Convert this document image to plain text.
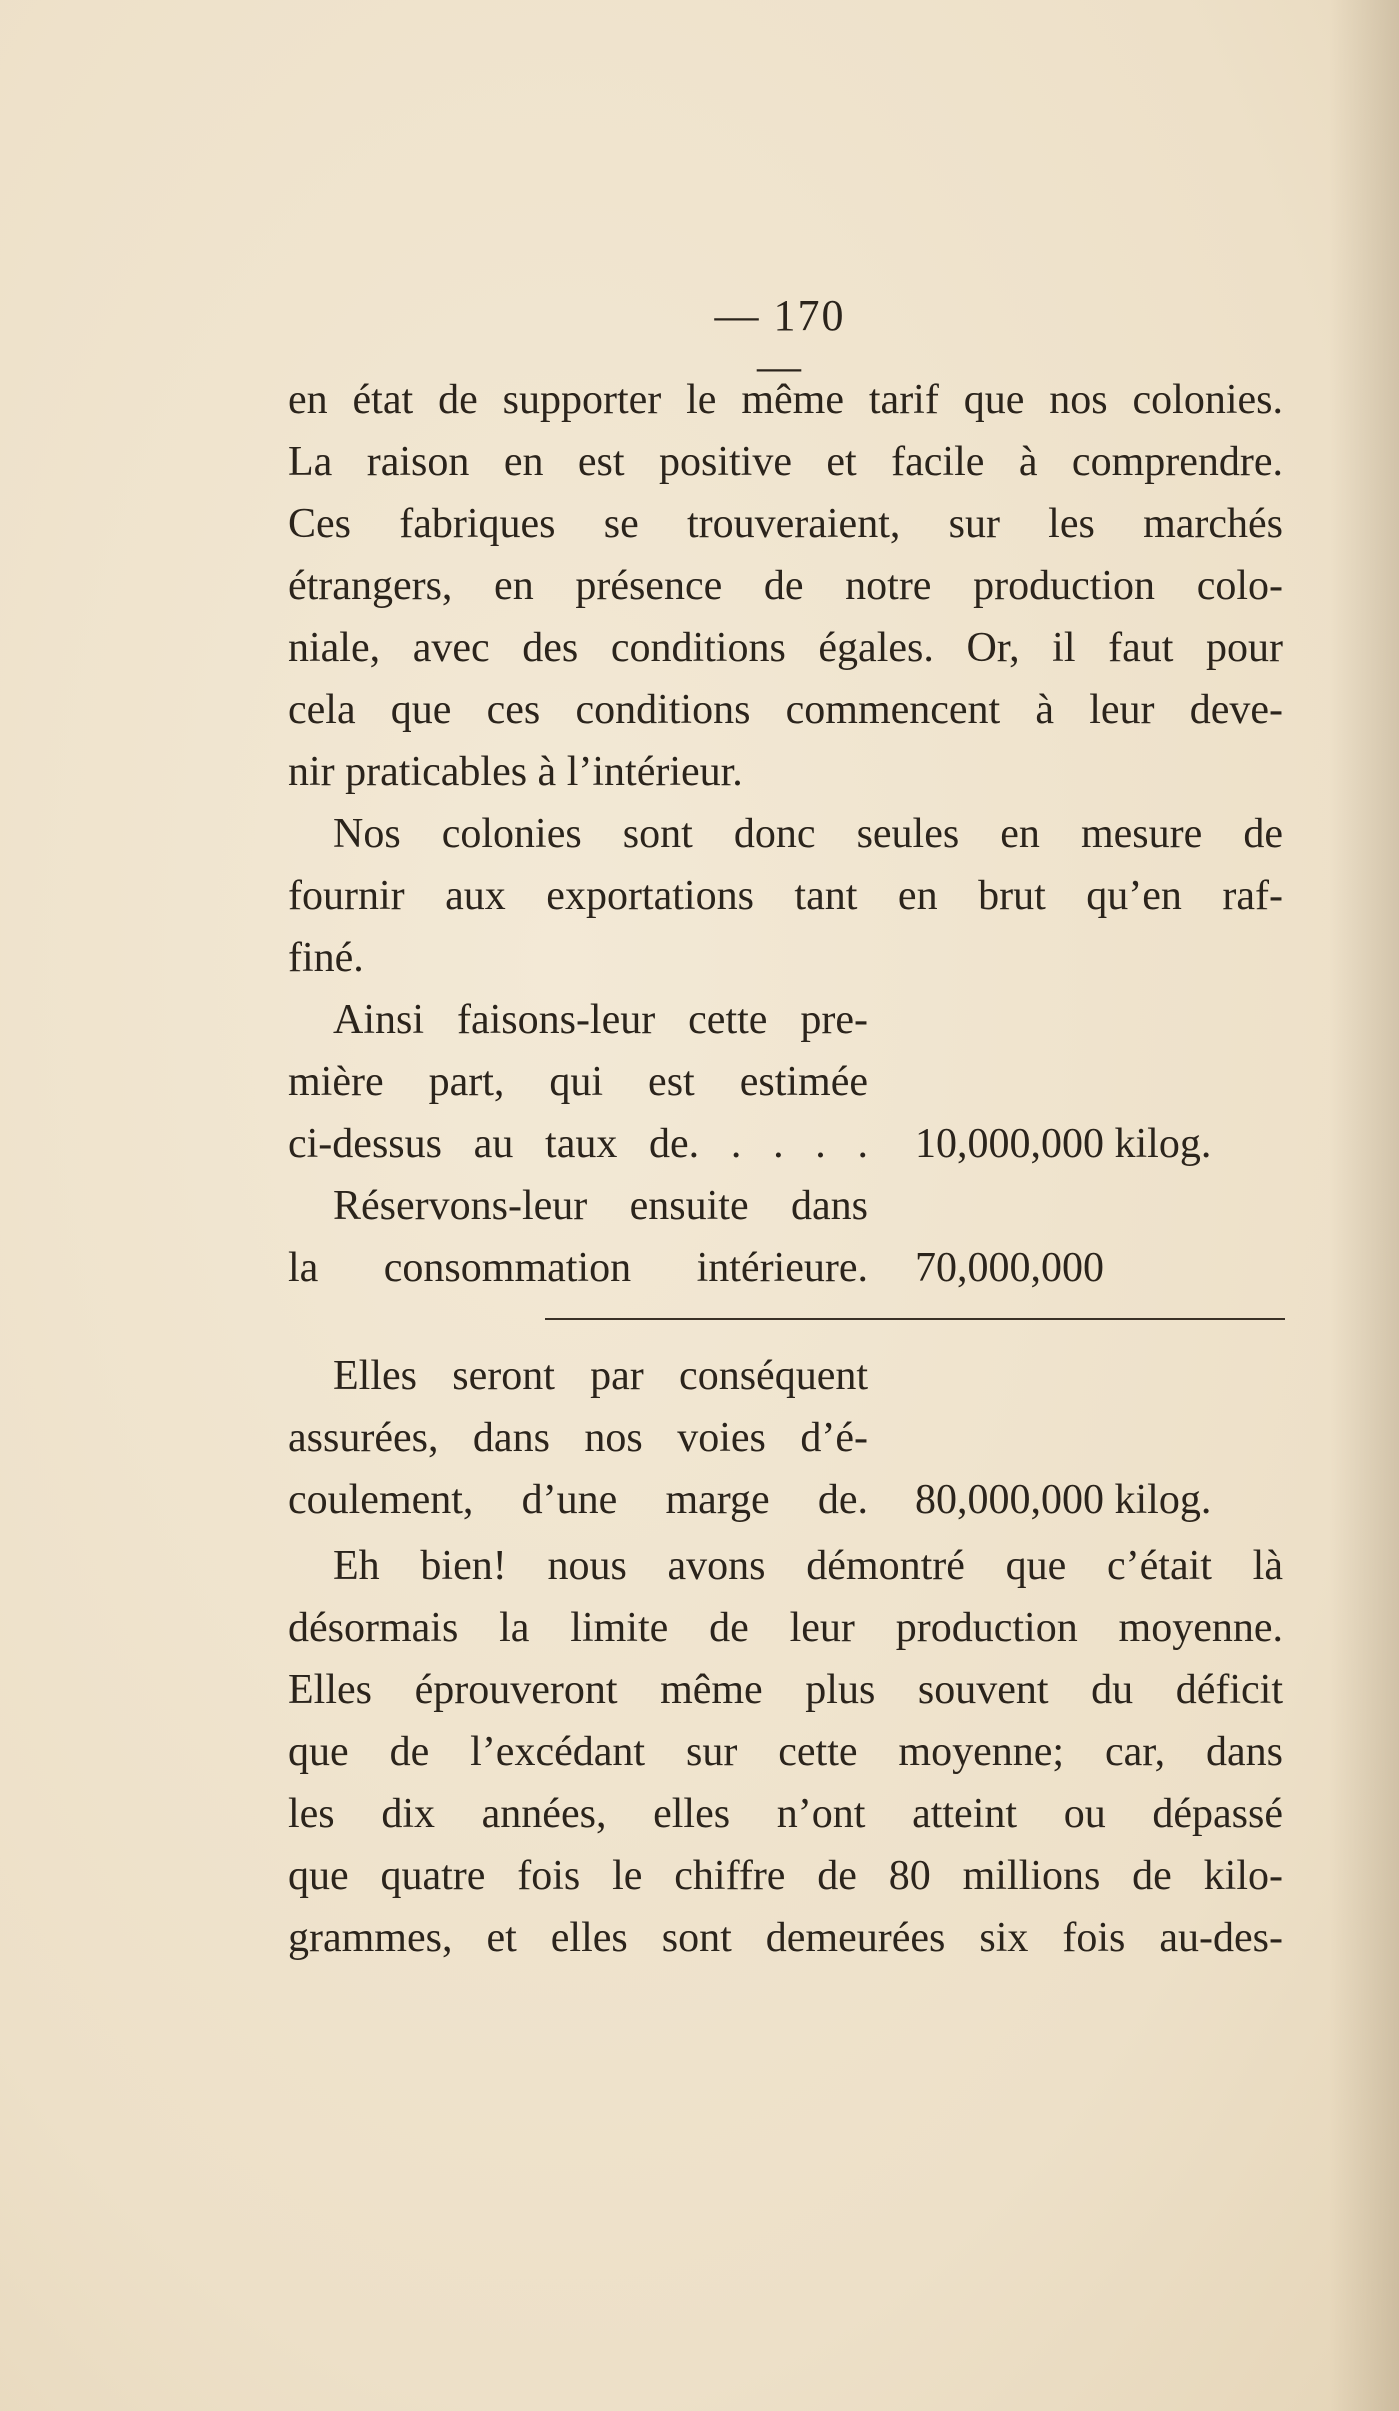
— 170 —
en état de supporter le même tarif que nos colonies.
La raison en est positive et facile à comprendre.
Ces fabriques se trouveraient, sur les marchés
étrangers, en présence de notre production colo-
niale, avec des conditions égales. Or, il faut pour
cela que ces conditions commencent à leur deve-
nir praticables à l’intérieur.
Nos colonies sont donc seules en mesure de
fournir aux exportations tant en brut qu’en raf-
finé.
Ainsi faisons-leur cette pre-
mière part, qui est estimée
ci-dessus au taux de. . . . . 10,000,000 kilog.
Réservons-leur ensuite dans
la consommation intérieure. 70,000,000
Elles seront par conséquent
assurées, dans nos voies d’é-
coulement, d’une marge de. 80,000,000 kilog.
Eh bien! nous avons démontré que c’était là
désormais la limite de leur production moyenne.
Elles éprouveront même plus souvent du déficit
que de l’excédant sur cette moyenne; car, dans
les dix années, elles n’ont atteint ou dépassé
que quatre fois le chiffre de 80 millions de kilo-
grammes, et elles sont demeurées six fois au-des-
